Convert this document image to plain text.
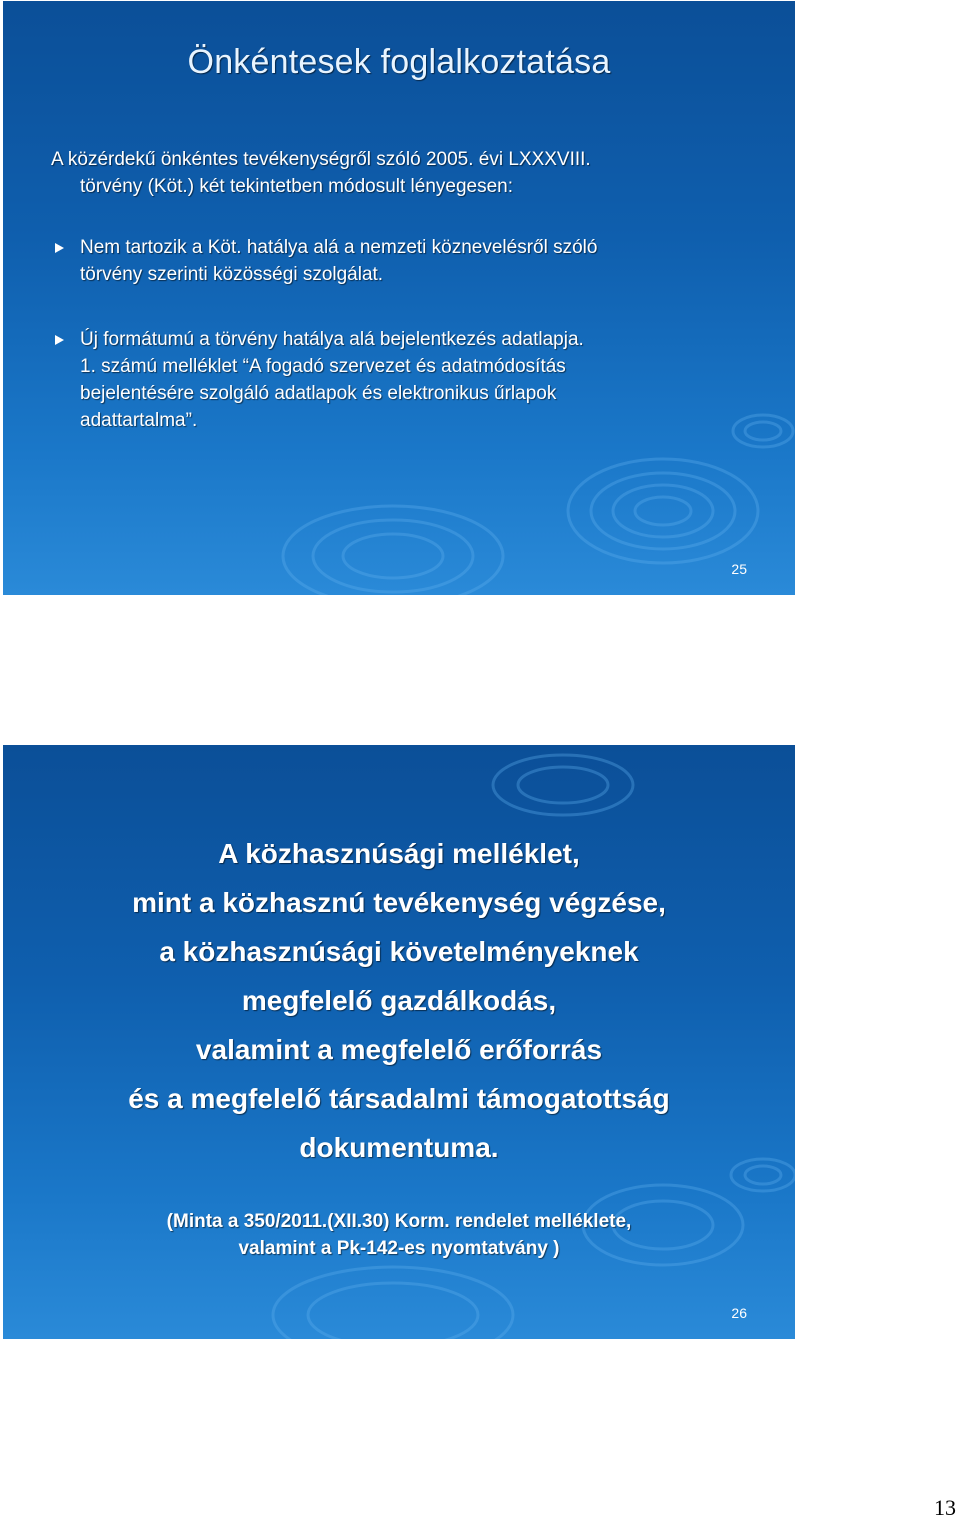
Önkéntesek foglalkoztatása
A közérdekű önkéntes tevékenységről szóló 2005. évi LXXXVIII.
törvény (Köt.) két tekintetben módosult lényegesen:
Nem tartozik a Köt. hatálya alá a nemzeti köznevelésről szóló
törvény szerinti közösségi szolgálat.
Új formátumú a törvény hatálya alá bejelentkezés adatlapja.
1. számú melléklet “A fogadó szervezet és adatmódosítás
bejelentésére szolgáló adatlapok és elektronikus űrlapok
adattartalma”.
25
A közhasznúsági melléklet,
mint a közhasznú tevékenység végzése,
a közhasznúsági követelményeknek
megfelelő gazdálkodás,
valamint a megfelelő erőforrás
és a megfelelő társadalmi támogatottság
dokumentuma.
(Minta a 350/2011.(XII.30) Korm. rendelet melléklete,
valamint a Pk-142-es nyomtatvány )
26
13
